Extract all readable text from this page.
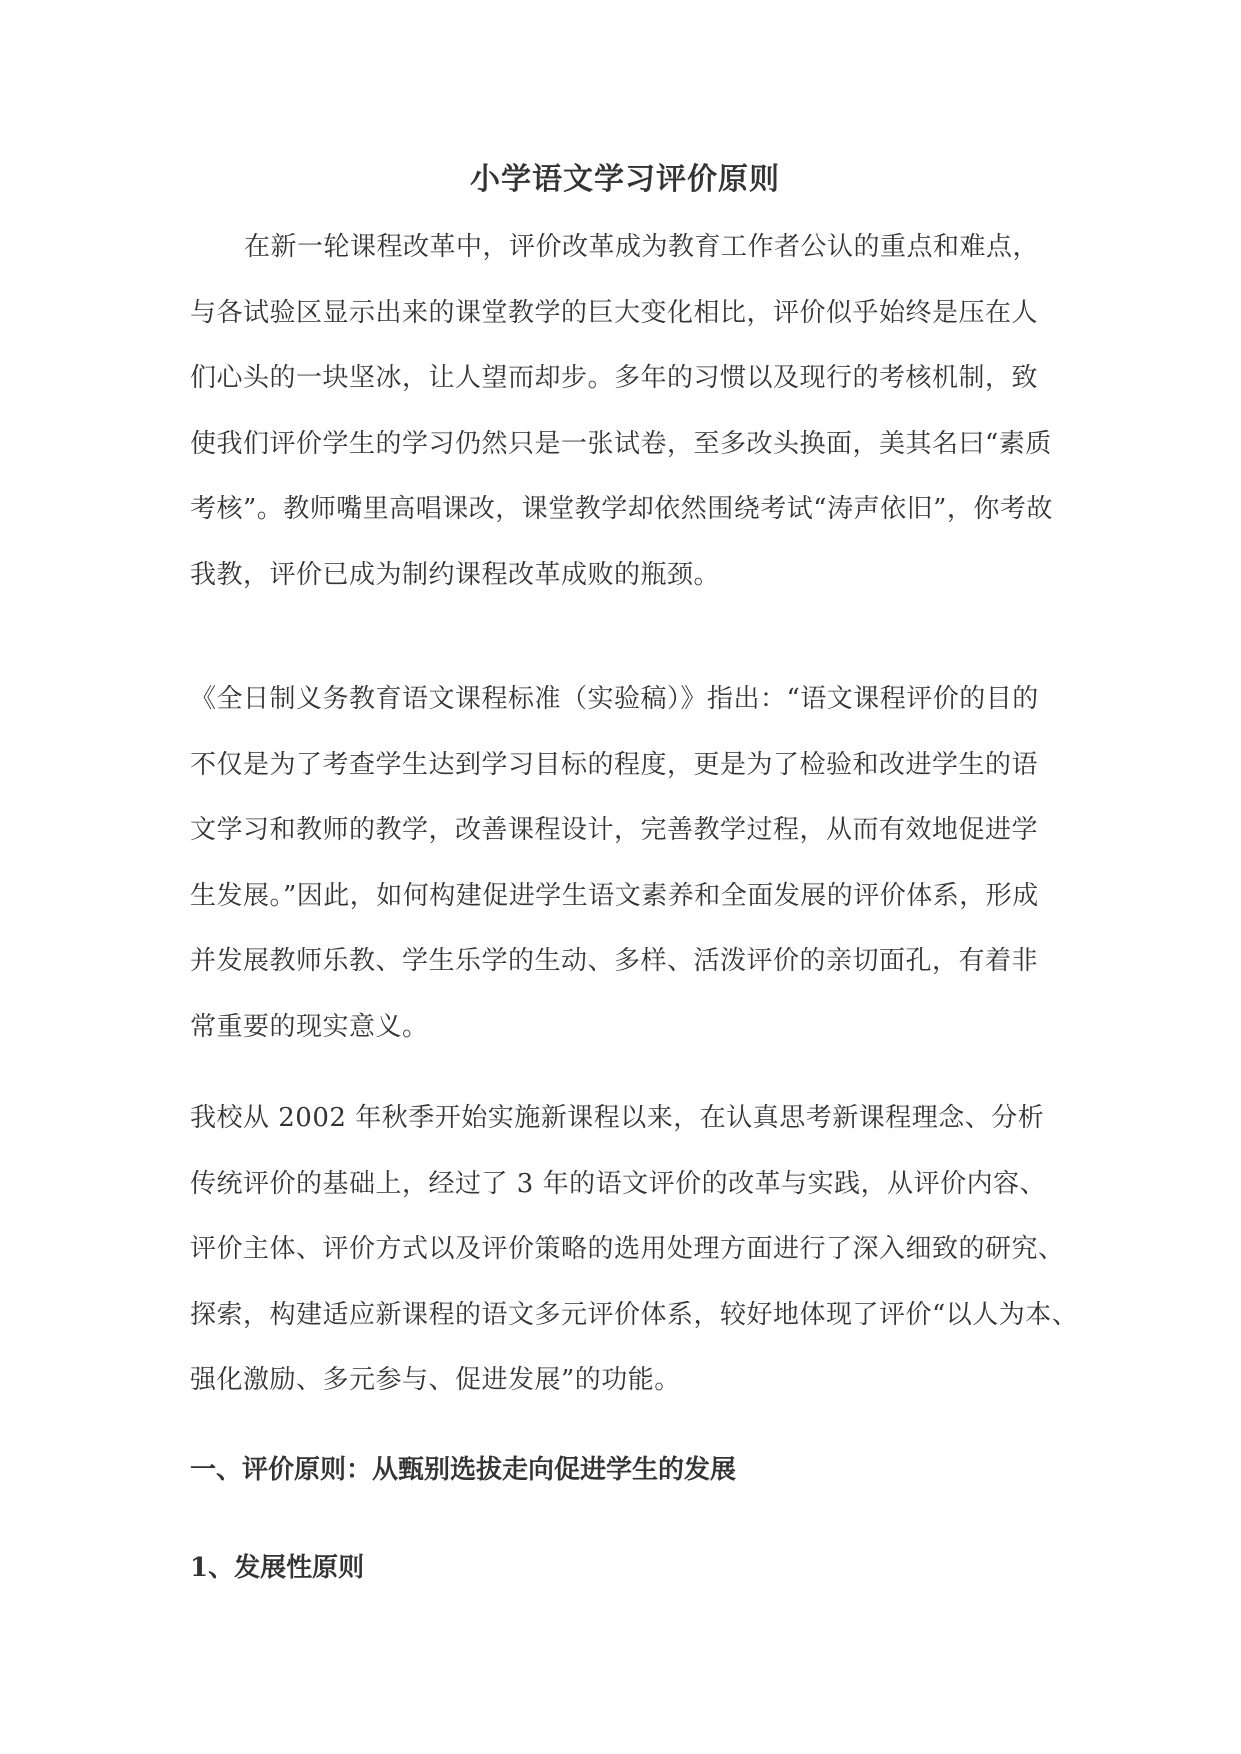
小学语文学习评价原则

在新一轮课程改革中，评价改革成为教育工作者公认的重点和难点，
与各试验区显示出来的课堂教学的巨大变化相比，评价似乎始终是压在人
们心头的一块坚冰，让人望而却步。多年的习惯以及现行的考核机制，致
使我们评价学生的学习仍然只是一张试卷，至多改头换面，美其名曰“素质
考核”。教师嘴里高唱课改，课堂教学却依然围绕考试“涛声依旧”，你考故
我教，评价已成为制约课程改革成败的瓶颈。

《全日制义务教育语文课程标准（实验稿）》指出：“语文课程评价的目的
不仅是为了考查学生达到学习目标的程度，更是为了检验和改进学生的语
文学习和教师的教学，改善课程设计，完善教学过程，从而有效地促进学
生发展。”因此，如何构建促进学生语文素养和全面发展的评价体系，形成
并发展教师乐教、学生乐学的生动、多样、活泼评价的亲切面孔，有着非
常重要的现实意义。

我校从 2002 年秋季开始实施新课程以来，在认真思考新课程理念、分析
传统评价的基础上，经过了 3 年的语文评价的改革与实践，从评价内容、
评价主体、评价方式以及评价策略的选用处理方面进行了深入细致的研究、
探索，构建适应新课程的语文多元评价体系，较好地体现了评价“以人为本、
强化激励、多元参与、促进发展”的功能。

一、评价原则：从甄别选拔走向促进学生的发展
1、发展性原则
